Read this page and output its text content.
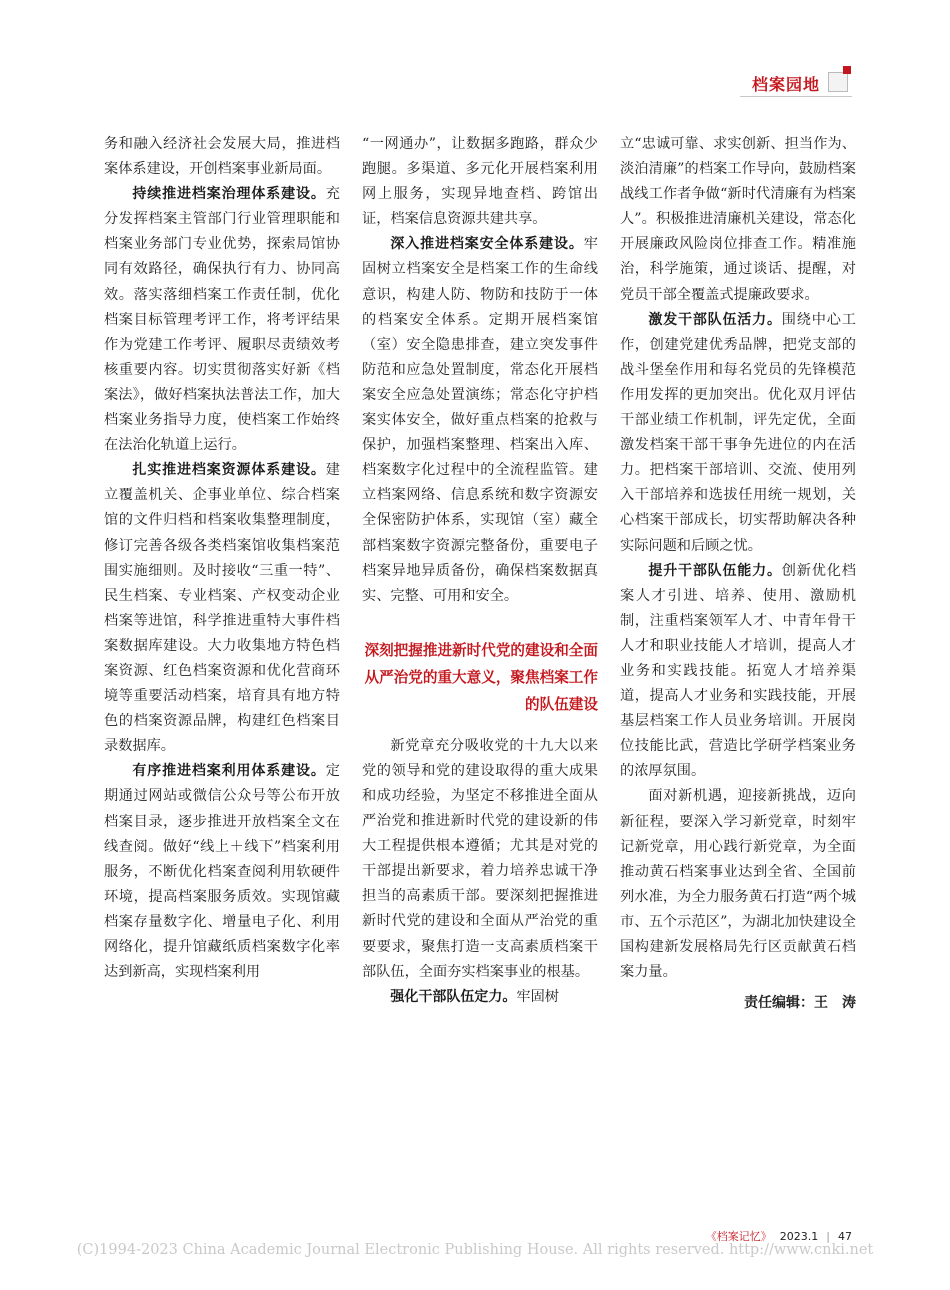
档案园地

务和融入经济社会发展大局，推进档案体系建设，开创档案事业新局面。

持续推进档案治理体系建设。充分发挥档案主管部门行业管理职能和档案业务部门专业优势，探索局馆协同有效路径，确保执行有力、协同高效。落实落细档案工作责任制，优化档案目标管理考评工作，将考评结果作为党建工作考评、履职尽责绩效考核重要内容。切实贯彻落实好新《档案法》，做好档案执法普法工作，加大档案业务指导力度，使档案工作始终在法治化轨道上运行。

扎实推进档案资源体系建设。建立覆盖机关、企事业单位、综合档案馆的文件归档和档案收集整理制度，修订完善各级各类档案馆收集档案范围实施细则。及时接收“三重一特”、民生档案、专业档案、产权变动企业档案等进馆，科学推进重特大事件档案数据库建设。大力收集地方特色档案资源、红色档案资源和优化营商环境等重要活动档案，培育具有地方特色的档案资源品牌，构建红色档案目录数据库。

有序推进档案利用体系建设。定期通过网站或微信公众号等公布开放档案目录，逐步推进开放档案全文在线查阅。做好“线上＋线下”档案利用服务，不断优化档案查阅利用软硬件环境，提高档案服务质效。实现馆藏档案存量数字化、增量电子化、利用网络化，提升馆藏纸质档案数字化率达到新高，实现档案利用

“一网通办”，让数据多跑路，群众少跑腿。多渠道、多元化开展档案利用网上服务，实现异地查档、跨馆出证，档案信息资源共建共享。

深入推进档案安全体系建设。牢固树立档案安全是档案工作的生命线意识，构建人防、物防和技防于一体的档案安全体系。定期开展档案馆（室）安全隐患排查，建立突发事件防范和应急处置制度，常态化开展档案安全应急处置演练；常态化守护档案实体安全，做好重点档案的抢救与保护，加强档案整理、档案出入库、档案数字化过程中的全流程监管。建立档案网络、信息系统和数字资源安全保密防护体系，实现馆（室）藏全部档案数字资源完整备份，重要电子档案异地异质备份，确保档案数据真实、完整、可用和安全。

深刻把握推进新时代党的建设和全面从严治党的重大意义，聚焦档案工作的队伍建设

新党章充分吸收党的十九大以来党的领导和党的建设取得的重大成果和成功经验，为坚定不移推进全面从严治党和推进新时代党的建设新的伟大工程提供根本遵循；尤其是对党的干部提出新要求，着力培养忠诚干净担当的高素质干部。要深刻把握推进新时代党的建设和全面从严治党的重要要求，聚焦打造一支高素质档案干部队伍，全面夯实档案事业的根基。

强化干部队伍定力。牢固树

立“忠诚可靠、求实创新、担当作为、淡泊清廉”的档案工作导向，鼓励档案战线工作者争做“新时代清廉有为档案人”。积极推进清廉机关建设，常态化开展廉政风险岗位排查工作。精准施治，科学施策，通过谈话、提醒，对党员干部全覆盖式提廉政要求。

激发干部队伍活力。围绕中心工作，创建党建优秀品牌，把党支部的战斗堡垒作用和每名党员的先锋模范作用发挥的更加突出。优化双月评估干部业绩工作机制，评先定优，全面激发档案干部干事争先进位的内在活力。把档案干部培训、交流、使用列入干部培养和选拔任用统一规划，关心档案干部成长，切实帮助解决各种实际问题和后顾之忧。

提升干部队伍能力。创新优化档案人才引进、培养、使用、激励机制，注重档案领军人才、中青年骨干人才和职业技能人才培训，提高人才业务和实践技能。拓宽人才培养渠道，提高人才业务和实践技能，开展基层档案工作人员业务培训。开展岗位技能比武，营造比学研学档案业务的浓厚氛围。

面对新机遇，迎接新挑战，迈向新征程，要深入学习新党章，时刻牢记新党章，用心践行新党章，为全面推动黄石档案事业达到全省、全国前列水准，为全力服务黄石打造“两个城市、五个示范区”，为湖北加快建设全国构建新发展格局先行区贡献黄石档案力量。

责任编辑：王　涛
《档案记忆》 2023.1 | 47
(C)1994-2023 China Academic Journal Electronic Publishing House. All rights reserved. http://www.cnki.net
